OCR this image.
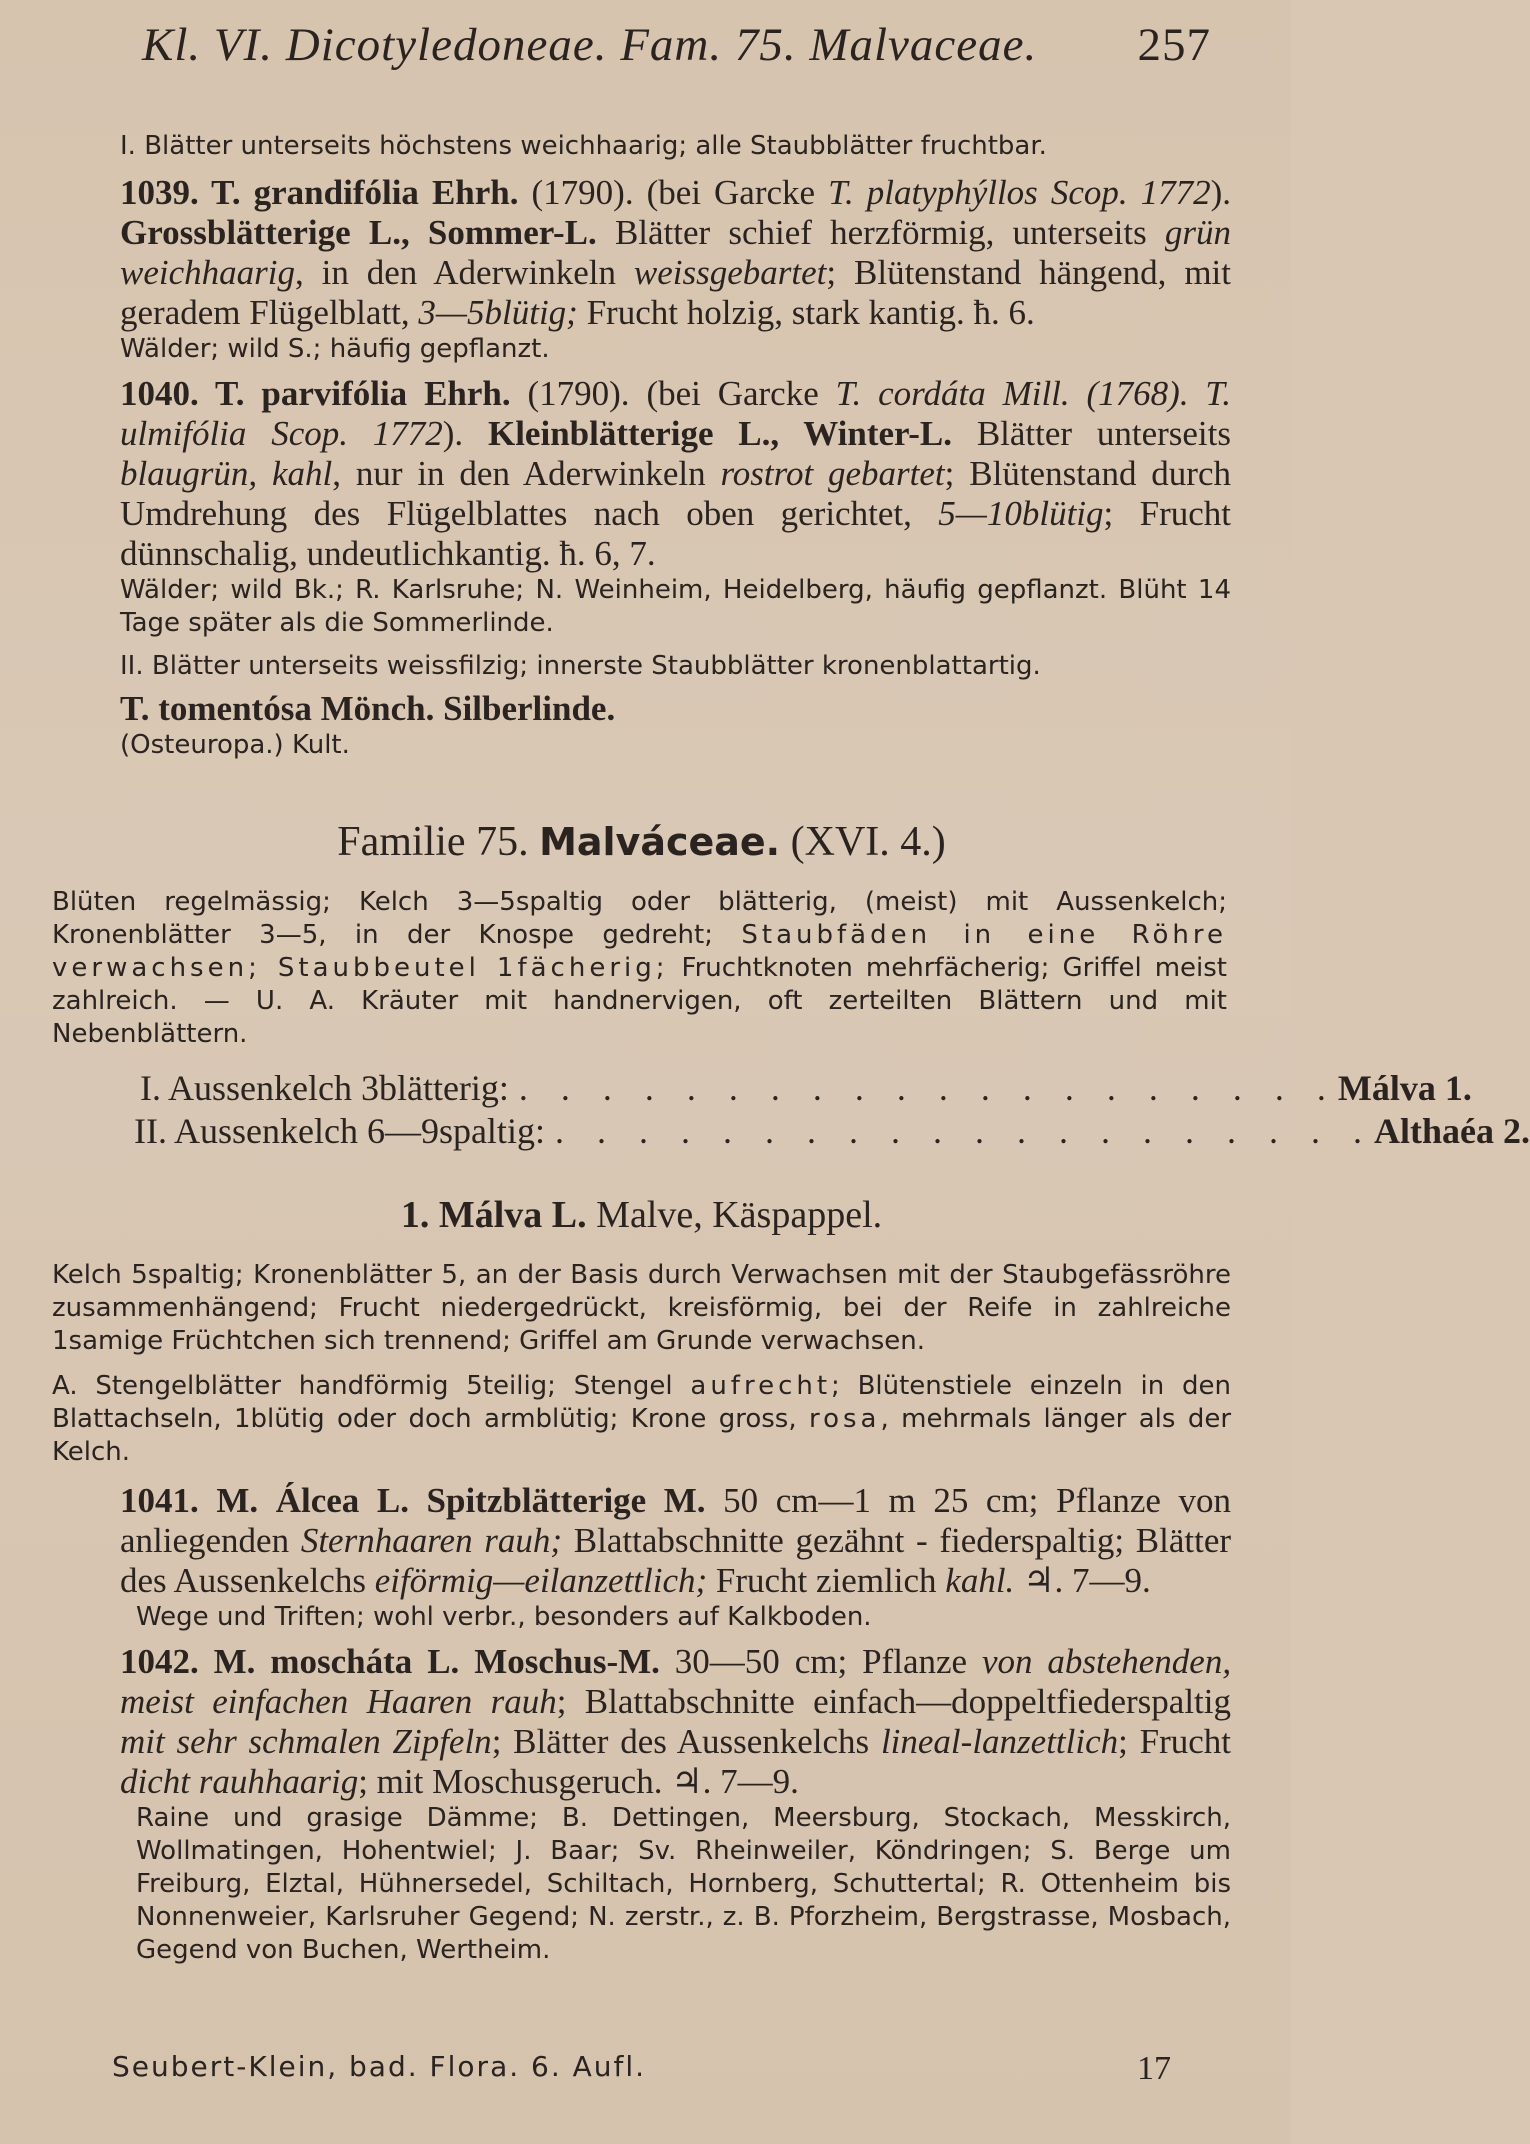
Kl. VI. Dicotyledoneae. Fam. 75. Malvaceae. 257

I. Blätter unterseits höchstens weichhaarig; alle Staubblätter fruchtbar.

1039. T. grandifólia Ehrh. (1790). (bei Garcke T. platyphýllos Scop. 1772). Grossblätterige L., Sommer-L. Blätter schief herzförmig, unterseits grün weichhaarig, in den Aderwinkeln weissgebartet; Blütenstand hängend, mit geradem Flügelblatt, 3—5blütig; Frucht holzig, stark kantig. ħ. 6.

Wälder; wild S.; häufig gepflanzt.

1040. T. parvifólia Ehrh. (1790). (bei Garcke T. cordáta Mill. (1768). T. ulmifólia Scop. 1772). Kleinblätterige L., Winter-L. Blätter unterseits blaugrün, kahl, nur in den Aderwinkeln rostrot gebartet; Blütenstand durch Umdrehung des Flügelblattes nach oben gerichtet, 5—10blütig; Frucht dünnschalig, undeutlichkantig. ħ. 6, 7.

Wälder; wild Bk.; R. Karlsruhe; N. Weinheim, Heidelberg, häufig gepflanzt. Blüht 14 Tage später als die Sommerlinde.

II. Blätter unterseits weissfilzig; innerste Staubblätter kronenblattartig.

T. tomentósa Mönch. Silberlinde.

(Osteuropa.) Kult.

Familie 75. Malváceae. (XVI. 4.)

Blüten regelmässig; Kelch 3—5spaltig oder blätterig, (meist) mit Aussenkelch; Kronenblätter 3—5, in der Knospe gedreht; Staubfäden in eine Röhre verwachsen; Staubbeutel 1fächerig; Fruchtknoten mehrfächerig; Griffel meist zahlreich. — U. A. Kräuter mit handnervigen, oft zerteilten Blättern und mit Nebenblättern.

I. Aussenkelch 3blätterig: . . . . . . . . . . . . . . . . . . . . Málva 1.
II. Aussenkelch 6—9spaltig: . . . . . . . . . . . . . . . . . . . . Althaéa 2.
1. Málva L. Malve, Käspappel.

Kelch 5spaltig; Kronenblätter 5, an der Basis durch Verwachsen mit der Staubgefässröhre zusammenhängend; Frucht niedergedrückt, kreisförmig, bei der Reife in zahlreiche 1samige Früchtchen sich trennend; Griffel am Grunde verwachsen.

A. Stengelblätter handförmig 5teilig; Stengel aufrecht; Blütenstiele einzeln in den Blattachseln, 1blütig oder doch armblütig; Krone gross, rosa, mehrmals länger als der Kelch.

1041. M. Álcea L. Spitzblätterige M. 50 cm—1 m 25 cm; Pflanze von anliegenden Sternhaaren rauh; Blattabschnitte gezähnt - fiederspaltig; Blätter des Aussenkelchs eiförmig—eilanzettlich; Frucht ziemlich kahl. ♃. 7—9.

Wege und Triften; wohl verbr., besonders auf Kalkboden.

1042. M. moscháta L. Moschus-M. 30—50 cm; Pflanze von abstehenden, meist einfachen Haaren rauh; Blattabschnitte einfach—doppeltfiederspaltig mit sehr schmalen Zipfeln; Blätter des Aussenkelchs lineal-lanzettlich; Frucht dicht rauhhaarig; mit Moschusgeruch. ♃. 7—9.

Raine und grasige Dämme; B. Dettingen, Meersburg, Stockach, Messkirch, Wollmatingen, Hohentwiel; J. Baar; Sv. Rheinweiler, Köndringen; S. Berge um Freiburg, Elztal, Hühnersedel, Schiltach, Hornberg, Schuttertal; R. Ottenheim bis Nonnenweier, Karlsruher Gegend; N. zerstr., z. B. Pforzheim, Bergstrasse, Mosbach, Gegend von Buchen, Wertheim.

Seubert-Klein, bad. Flora. 6. Aufl.	17
